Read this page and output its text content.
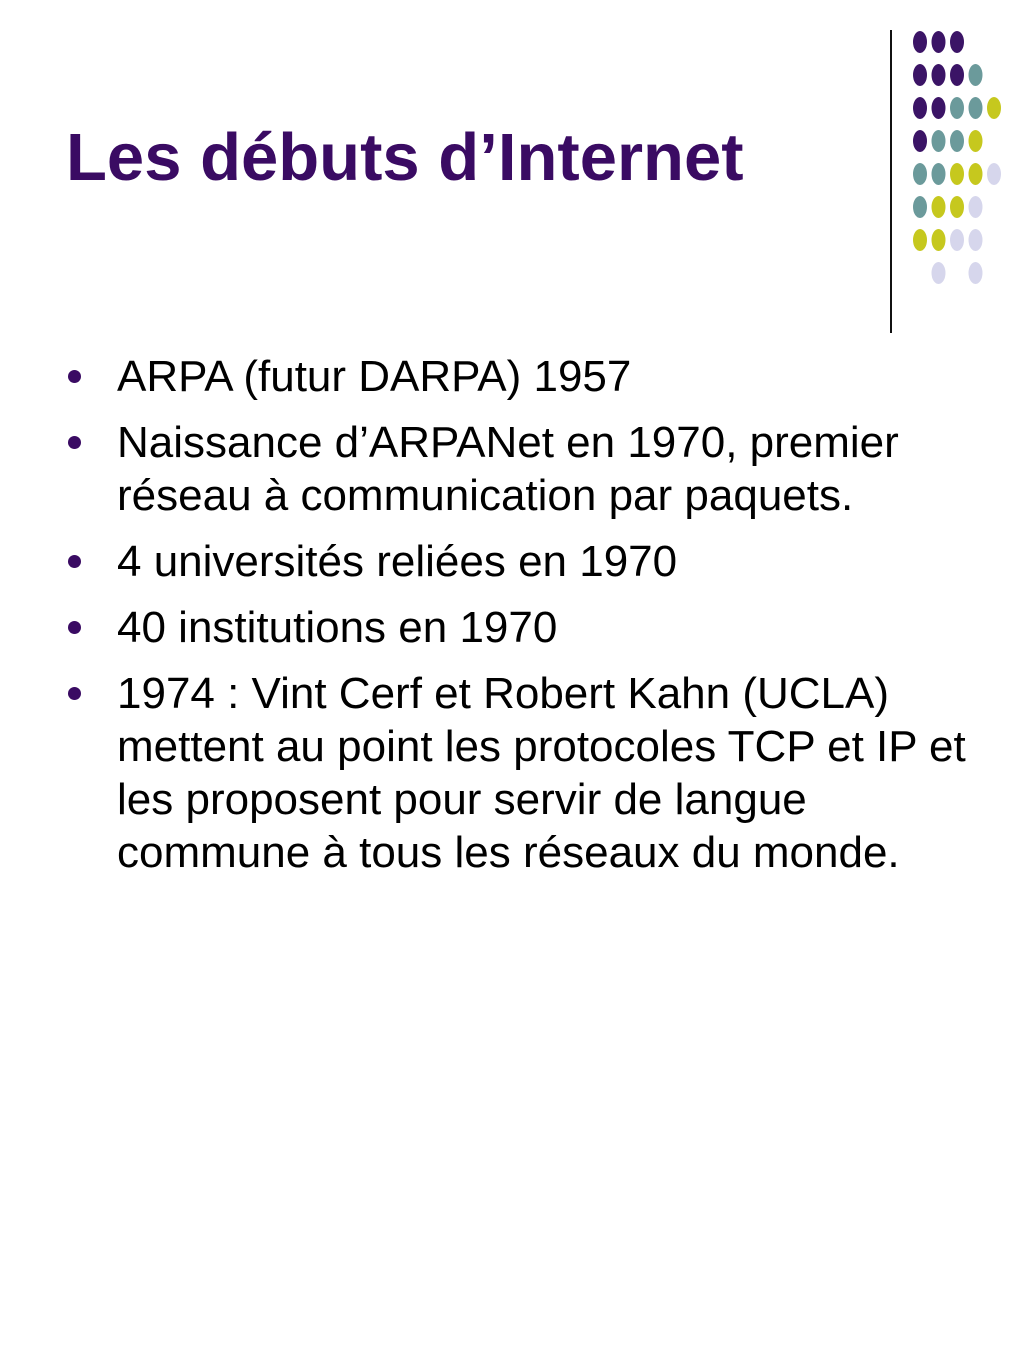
Les débuts d’Internet
ARPA (futur DARPA) 1957
Naissance d’ARPANet en 1970, premier réseau à communication par paquets.
4 universités reliées en 1970
40 institutions en 1970
1974 : Vint Cerf et Robert Kahn (UCLA) mettent au point les protocoles TCP et IP et les proposent pour servir de langue commune à tous les réseaux du monde.
